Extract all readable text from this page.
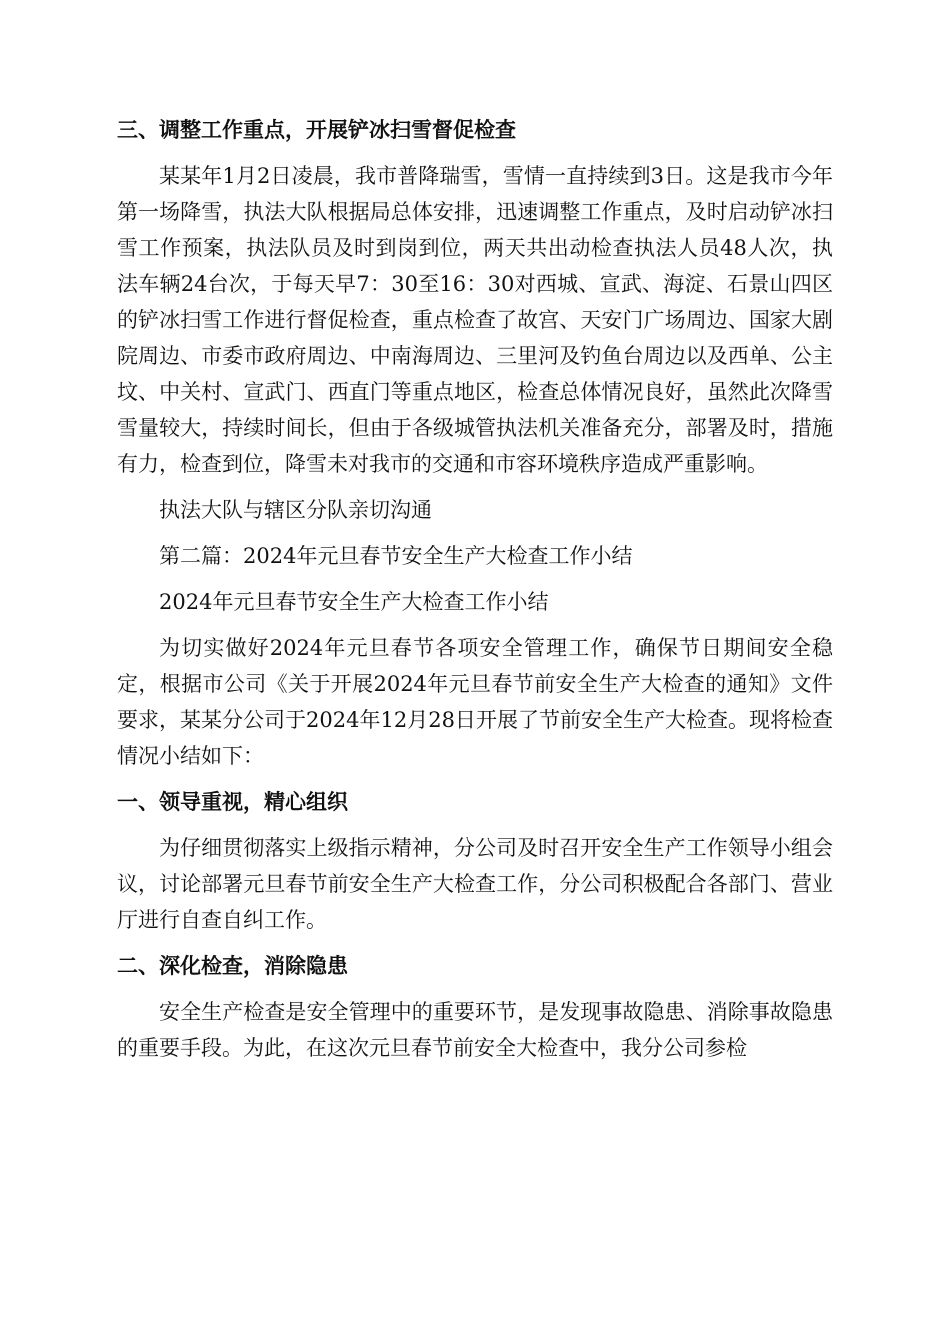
三、调整工作重点，开展铲冰扫雪督促检查
某某年1月2日凌晨，我市普降瑞雪，雪情一直持续到3日。这是我市今年第一场降雪，执法大队根据局总体安排，迅速调整工作重点，及时启动铲冰扫雪工作预案，执法队员及时到岗到位，两天共出动检查执法人员48人次，执法车辆24台次，于每天早7：30至16：30对西城、宣武、海淀、石景山四区的铲冰扫雪工作进行督促检查，重点检查了故宫、天安门广场周边、国家大剧院周边、市委市政府周边、中南海周边、三里河及钓鱼台周边以及西单、公主坟、中关村、宣武门、西直门等重点地区，检查总体情况良好，虽然此次降雪雪量较大，持续时间长，但由于各级城管执法机关准备充分，部署及时，措施有力，检查到位，降雪未对我市的交通和市容环境秩序造成严重影响。
执法大队与辖区分队亲切沟通
第二篇：2024年元旦春节安全生产大检查工作小结
2024年元旦春节安全生产大检查工作小结
为切实做好2024年元旦春节各项安全管理工作，确保节日期间安全稳定，根据市公司《关于开展2024年元旦春节前安全生产大检查的通知》文件要求，某某分公司于2024年12月28日开展了节前安全生产大检查。现将检查情况小结如下：
一、领导重视，精心组织
为仔细贯彻落实上级指示精神，分公司及时召开安全生产工作领导小组会议，讨论部署元旦春节前安全生产大检查工作，分公司积极配合各部门、营业厅进行自查自纠工作。
二、深化检查，消除隐患
安全生产检查是安全管理中的重要环节，是发现事故隐患、消除事故隐患的重要手段。为此，在这次元旦春节前安全大检查中，我分公司参检
